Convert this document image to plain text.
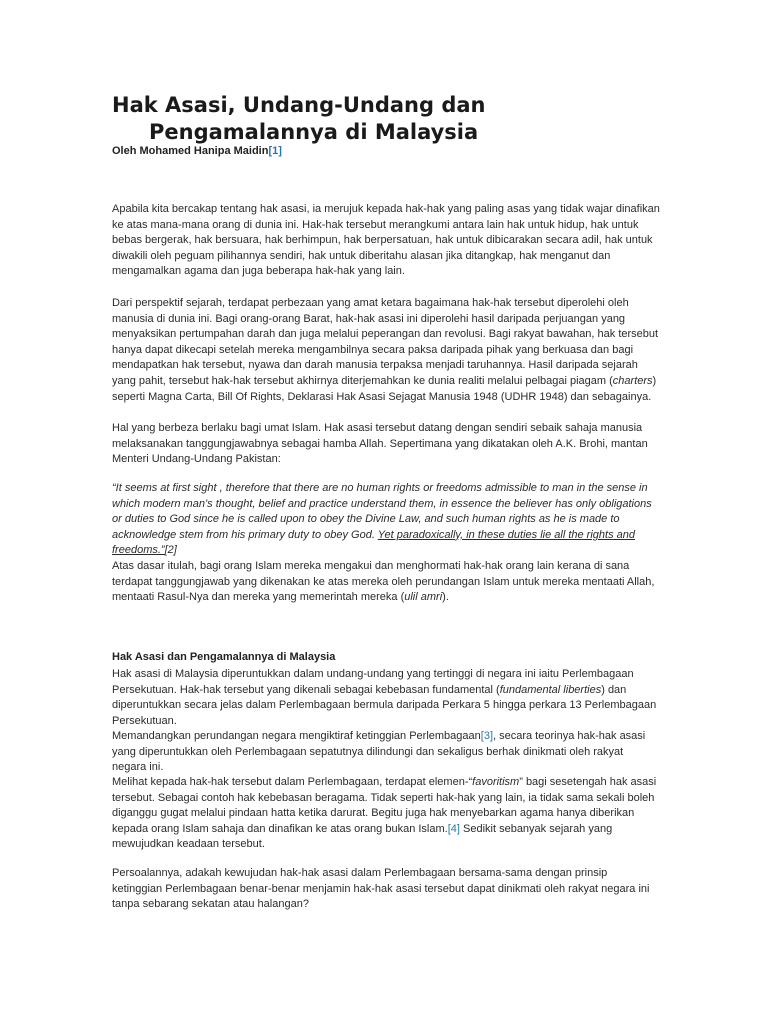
Hak Asasi, Undang-Undang dan
Pengamalannya di Malaysia

Oleh Mohamed Hanipa Maidin[1]

Apabila kita bercakap tentang hak asasi, ia merujuk kepada hak-hak yang paling asas yang tidak wajar dinafikan ke atas mana-mana orang di dunia ini. Hak-hak tersebut merangkumi antara lain hak untuk hidup, hak untuk bebas bergerak, hak bersuara, hak berhimpun, hak berpersatuan, hak untuk dibicarakan secara adil, hak untuk diwakili oleh peguam pilihannya sendiri, hak untuk diberitahu alasan jika ditangkap, hak menganut dan mengamalkan agama dan juga beberapa hak-hak yang lain.

Dari perspektif sejarah, terdapat perbezaan yang amat ketara bagaimana hak-hak tersebut diperolehi oleh manusia di dunia ini. Bagi orang-orang Barat, hak-hak asasi ini diperolehi hasil daripada perjuangan yang menyaksikan pertumpahan darah dan juga melalui peperangan dan revolusi. Bagi rakyat bawahan, hak tersebut hanya dapat dikecapi setelah mereka mengambilnya secara paksa daripada pihak yang berkuasa dan bagi mendapatkan hak tersebut, nyawa dan darah manusia terpaksa menjadi taruhannya. Hasil daripada sejarah yang pahit, tersebut hak-hak tersebut akhirnya diterjemahkan ke dunia realiti melalui pelbagai piagam (charters) seperti Magna Carta, Bill Of Rights, Deklarasi Hak Asasi Sejagat Manusia 1948 (UDHR 1948) dan sebagainya.

Hal yang berbeza berlaku bagi umat Islam. Hak asasi tersebut datang dengan sendiri sebaik sahaja manusia melaksanakan tanggungjawabnya sebagai hamba Allah. Sepertimana yang dikatakan oleh A.K. Brohi, mantan Menteri Undang-Undang Pakistan:

“It seems at first sight , therefore that there are no human rights or freedoms admissible to man in the sense in which modern man’s thought, belief and practice understand them, in essence the believer has only obligations or duties to God since he is called upon to obey the Divine Law, and such human rights as he is made to acknowledge stem from his primary duty to obey God. Yet paradoxically, in these duties lie all the rights and freedoms.”[2]

Atas dasar itulah, bagi orang Islam mereka mengakui dan menghormati hak-hak orang lain kerana di sana terdapat tanggungjawab yang dikenakan ke atas mereka oleh perundangan Islam untuk mereka mentaati Allah, mentaati Rasul-Nya dan mereka yang memerintah mereka (ulil amri).

Hak Asasi dan Pengamalannya di Malaysia

Hak asasi di Malaysia diperuntukkan dalam undang-undang yang tertinggi di negara ini iaitu Perlembagaan Persekutuan. Hak-hak tersebut yang dikenali sebagai kebebasan fundamental (fundamental liberties) dan diperuntukkan secara jelas dalam Perlembagaan bermula daripada Perkara 5 hingga perkara 13 Perlembagaan Persekutuan.

Memandangkan perundangan negara mengiktiraf ketinggian Perlembagaan[3], secara teorinya hak-hak asasi yang diperuntukkan oleh Perlembagaan sepatutnya dilindungi dan sekaligus berhak dinikmati oleh rakyat negara ini.

Melihat kepada hak-hak tersebut dalam Perlembagaan, terdapat elemen-“favoritism” bagi sesetengah hak asasi tersebut. Sebagai contoh hak kebebasan beragama. Tidak seperti hak-hak yang lain, ia tidak sama sekali boleh diganggu gugat melalui pindaan hatta ketika darurat. Begitu juga hak menyebarkan agama hanya diberikan kepada orang Islam sahaja dan dinafikan ke atas orang bukan Islam.[4] Sedikit sebanyak sejarah yang mewujudkan keadaan tersebut.

Persoalannya, adakah kewujudan hak-hak asasi dalam Perlembagaan bersama-sama dengan prinsip ketinggian Perlembagaan benar-benar menjamin hak-hak asasi tersebut dapat dinikmati oleh rakyat negara ini tanpa sebarang sekatan atau halangan?
